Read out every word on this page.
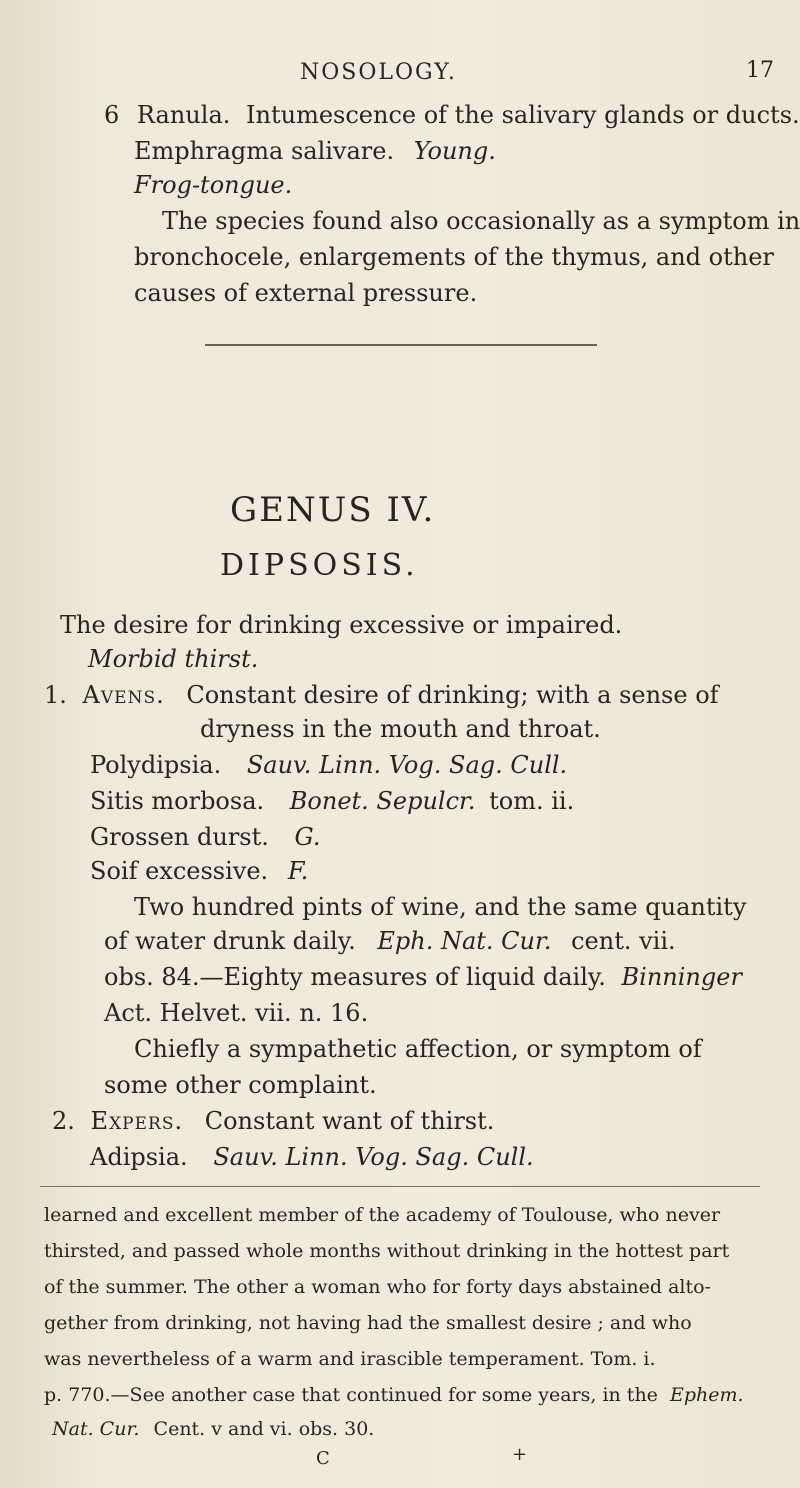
NOSOLOGY.	17
6 Ranula. Intumescence of the salivary glands or ducts.
Emphragma salivare. Young.
Frog-tongue.
The species found also occasionally as a symptom in
bronchocele, enlargements of the thymus, and other
causes of external pressure.
GENUS IV.
DIPSOSIS.
The desire for drinking excessive or impaired.
Morbid thirst.
1. Avens. Constant desire of drinking; with a sense of
dryness in the mouth and throat.
Polydipsia. Sauv. Linn. Vog. Sag. Cull.
Sitis morbosa. Bonet. Sepulcr. tom. ii.
Grossen durst. G.
Soif excessive. F.
Two hundred pints of wine, and the same quantity
of water drunk daily. Eph. Nat. Cur. cent. vii.
obs. 84.—Eighty measures of liquid daily. Binninger
Act. Helvet. vii. n. 16.
Chiefly a sympathetic affection, or symptom of
some other complaint.
2. Expers. Constant want of thirst.
Adipsia. Sauv. Linn. Vog. Sag. Cull.
learned and excellent member of the academy of Toulouse, who never
thirsted, and passed whole months without drinking in the hottest part
of the summer. The other a woman who for forty days abstained alto-
gether from drinking, not having had the smallest desire ; and who
was nevertheless of a warm and irascible temperament. Tom. i.
p. 770.—See another case that continued for some years, in the Ephem.
Nat. Cur. Cent. v and vi. obs. 30.
C	+
